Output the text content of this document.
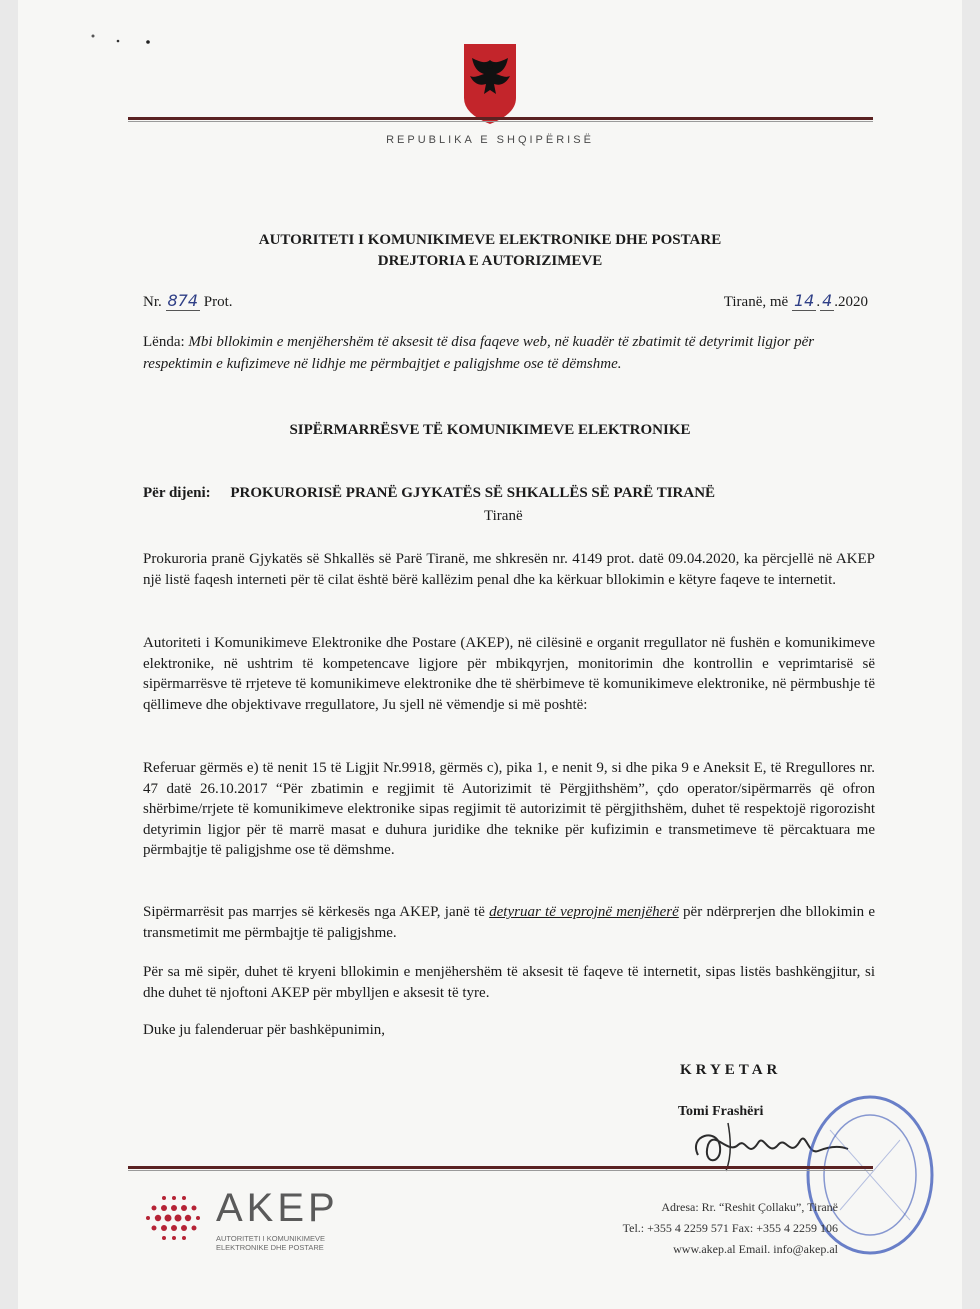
REPUBLIKA E SHQIPËRISË
AUTORITETI I KOMUNIKIMEVE ELEKTRONIKE DHE POSTARE
DREJTORIA E AUTORIZIMEVE
Nr. 874 Prot.	Tiranë, më 14 . 4 .2020
Lënda: Mbi bllokimin e menjëhershëm të aksesit të disa faqeve web, në kuadër të zbatimit të detyrimit ligjor për respektimin e kufizimeve në lidhje me përmbajtjet e paligjshme ose të dëmshme.
SIPËRMARRËSVE TË KOMUNIKIMEVE ELEKTRONIKE
Për dijeni: PROKURORISË PRANË GJYKATËS SË SHKALLËS SË PARË TIRANË
Tiranë
Prokuroria pranë Gjykatës së Shkallës së Parë Tiranë, me shkresën nr. 4149 prot. datë 09.04.2020, ka përcjellë në AKEP një listë faqesh interneti për të cilat është bërë kallëzim penal dhe ka kërkuar bllokimin e këtyre faqeve te internetit.
Autoriteti i Komunikimeve Elektronike dhe Postare (AKEP), në cilësinë e organit rregullator në fushën e komunikimeve elektronike, në ushtrim të kompetencave ligjore për mbikqyrjen, monitorimin dhe kontrollin e veprimtarisë së sipërmarrësve të rrjeteve të komunikimeve elektronike dhe të shërbimeve të komunikimeve elektronike, në përmbushje të qëllimeve dhe objektivave rregullatore, Ju sjell në vëmendje si më poshtë:
Referuar gërmës e) të nenit 15 të Ligjit Nr.9918, gërmës c), pika 1, e nenit 9, si dhe pika 9 e Aneksit E, të Rregullores nr. 47 datë 26.10.2017 “Për zbatimin e regjimit të Autorizimit të Përgjithshëm”, çdo operator/sipërmarrës që ofron shërbime/rrjete të komunikimeve elektronike sipas regjimit të autorizimit të përgjithshëm, duhet të respektojë rigorozisht detyrimin ligjor për të marrë masat e duhura juridike dhe teknike për kufizimin e transmetimeve të përcaktuara me përmbajtje të paligjshme ose të dëmshme.
Sipërmarrësit pas marrjes së kërkesës nga AKEP, janë të detyruar të veprojnë menjëherë për ndërprerjen dhe bllokimin e transmetimit me përmbajtje të paligjshme.
Për sa më sipër, duhet të kryeni bllokimin e menjëhershëm të aksesit të faqeve të internetit, sipas listës bashkëngjitur, si dhe duhet të njoftoni AKEP për mbylljen e aksesit të tyre.
Duke ju falenderuar për bashkëpunimin,
KRYETAR
Tomi Frashëri
AKEP
AUTORITETI I KOMUNIKIMEVE
ELEKTRONIKE DHE POSTARE
Adresa: Rr. “Reshit Çollaku”, Tiranë
Tel.: +355 4 2259 571 Fax: +355 4 2259 106
www.akep.al Email. info@akep.al
